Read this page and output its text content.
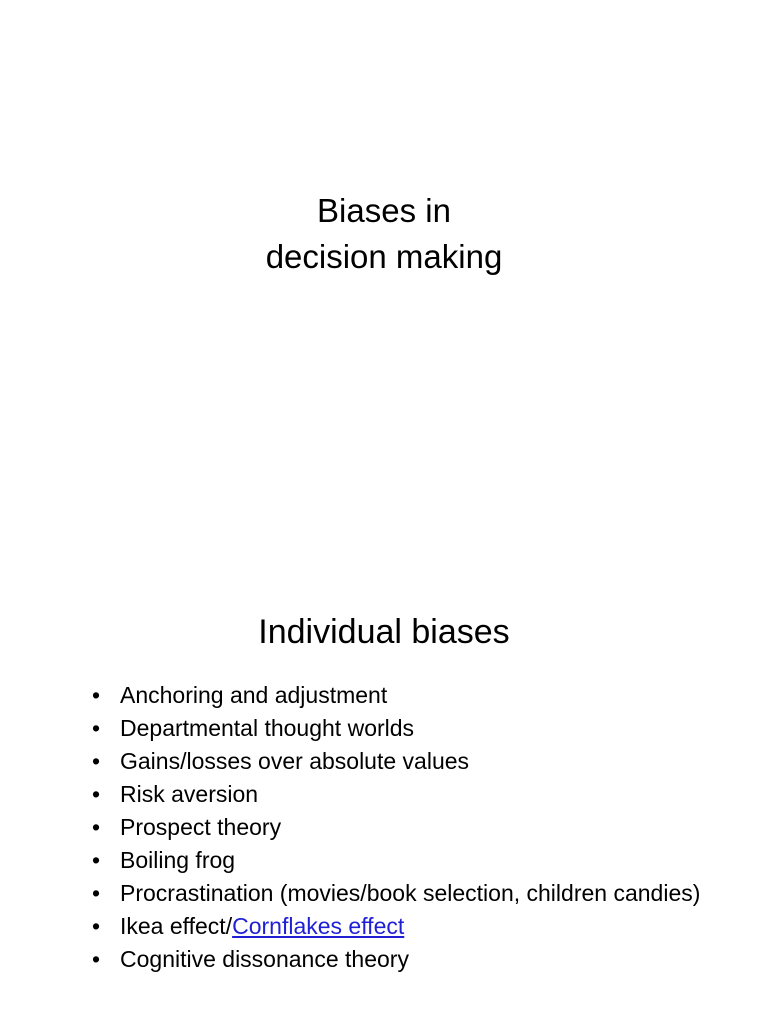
Biases in
decision making
Individual biases
• Anchoring and adjustment
• Departmental thought worlds
• Gains/losses over absolute values
• Risk aversion
• Prospect theory
• Boiling frog
• Procrastination (movies/book selection, children candies)
• Ikea effect/Cornflakes effect
• Cognitive dissonance theory
